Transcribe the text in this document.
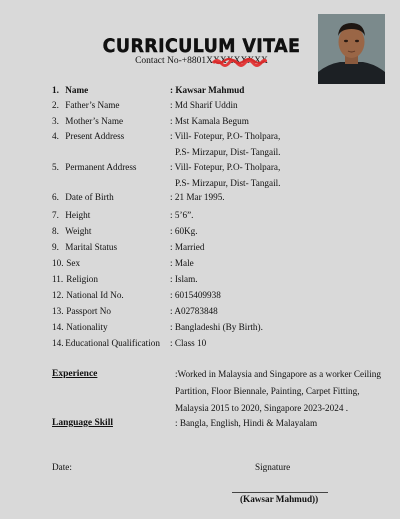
CURRICULUM VITAE
Contact No-+8801XXXXXXXXX
1. Name	: Kawsar Mahmud
2. Father’s Name	: Md Sharif Uddin
3. Mother’s Name	: Mst Kamala Begum
4. Present Address	: Vill- Fotepur, P.O- Tholpara,
P.S- Mirzapur, Dist- Tangail.
5. Permanent Address	: Vill- Fotepur, P.O- Tholpara,
P.S- Mirzapur, Dist- Tangail.
6. Date of Birth	: 21 Mar 1995.
7. Height	: 5’6”.
8. Weight	: 60Kg.
9. Marital Status	: Married
10. Sex	: Male
11. Religion	: Islam.
12. National Id No.	: 6015409938
13. Passport No	: A02783848
14. Nationality	: Bangladeshi (By Birth).
14. Educational Qualification : Class 10
Experience	:Worked in Malaysia and Singapore as a worker Ceiling
Partition, Floor Biennale, Painting, Carpet Fitting,
Malaysia 2015 to 2020, Singapore 2023-2024 .
Language Skill	: Bangla, English, Hindi & Malayalam
Date:	Signature
(Kawsar Mahmud))
